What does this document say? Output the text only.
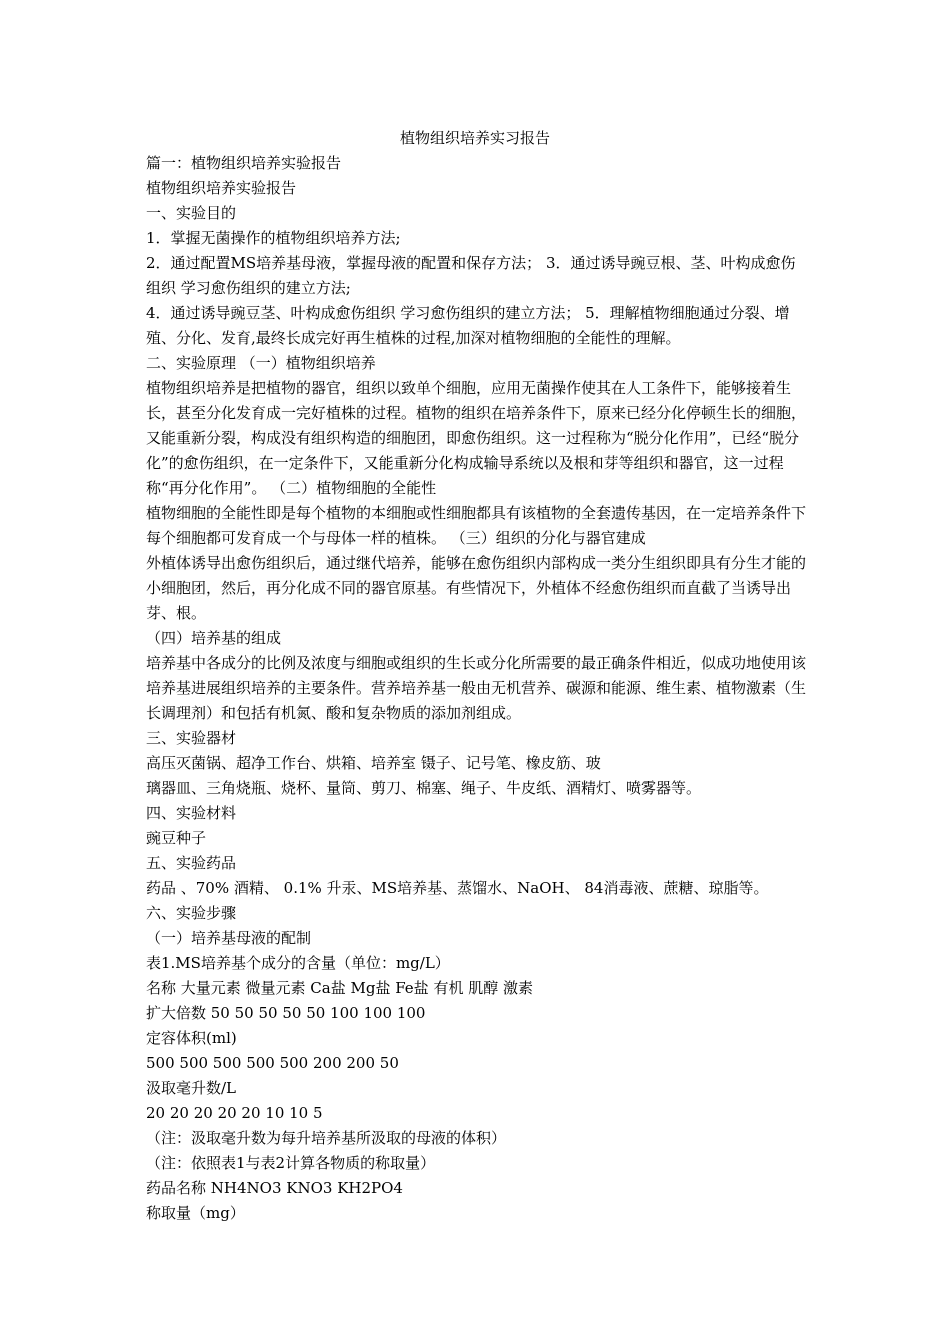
植物组织培养实习报告

篇一：植物组织培养实验报告

植物组织培养实验报告

一、实验目的

1．掌握无菌操作的植物组织培养方法;

2．通过配置MS培养基母液，掌握母液的配置和保存方法； 3．通过诱导豌豆根、茎、叶构成愈伤组织 学习愈伤组织的建立方法;

4．通过诱导豌豆茎、叶构成愈伤组织 学习愈伤组织的建立方法； 5．理解植物细胞通过分裂、增殖、分化、发育,最终长成完好再生植株的过程,加深对植物细胞的全能性的理解。

二、实验原理 （一）植物组织培养

植物组织培养是把植物的器官，组织以致单个细胞，应用无菌操作使其在人工条件下，能够接着生长，甚至分化发育成一完好植株的过程。植物的组织在培养条件下，原来已经分化停顿生长的细胞，又能重新分裂，构成没有组织构造的细胞团，即愈伤组织。这一过程称为“脱分化作用”，已经“脱分化”的愈伤组织，在一定条件下，又能重新分化构成输导系统以及根和芽等组织和器官，这一过程称“再分化作用”。 （二）植物细胞的全能性

植物细胞的全能性即是每个植物的本细胞或性细胞都具有该植物的全套遗传基因，在一定培养条件下每个细胞都可发育成一个与母体一样的植株。 （三）组织的分化与器官建成

外植体诱导出愈伤组织后，通过继代培养，能够在愈伤组织内部构成一类分生组织即具有分生才能的小细胞团，然后，再分化成不同的器官原基。有些情况下，外植体不经愈伤组织而直截了当诱导出芽、根。

（四）培养基的组成

培养基中各成分的比例及浓度与细胞或组织的生长或分化所需要的最正确条件相近，似成功地使用该培养基进展组织培养的主要条件。营养培养基一般由无机营养、碳源和能源、维生素、植物激素（生长调理剂）和包括有机氮、酸和复杂物质的添加剂组成。

三、实验器材

高压灭菌锅、超净工作台、烘箱、培养室 镊子、记号笔、橡皮筋、玻

璃器皿、三角烧瓶、烧杯、量筒、剪刀、棉塞、绳子、牛皮纸、酒精灯、喷雾器等。

四、实验材料

豌豆种子

五、实验药品

药品 、70% 酒精、 0.1% 升汞、MS培养基、蒸馏水、NaOH、 84消毒液、蔗糖、琼脂等。

六、实验步骤

（一）培养基母液的配制

表1.MS培养基个成分的含量（单位：mg/L）

名称 大量元素 微量元素 Ca盐 Mg盐 Fe盐 有机 肌醇 激素

扩大倍数 50 50 50 50 50 100 100 100

定容体积(ml)

500 500 500 500 500 200 200 50

汲取毫升数/L

20 20 20 20 20 10 10 5

（注：汲取毫升数为每升培养基所汲取的母液的体积）

（注：依照表1与表2计算各物质的称取量）

药品名称 NH4NO3 KNO3 KH2PO4

称取量（mg）
